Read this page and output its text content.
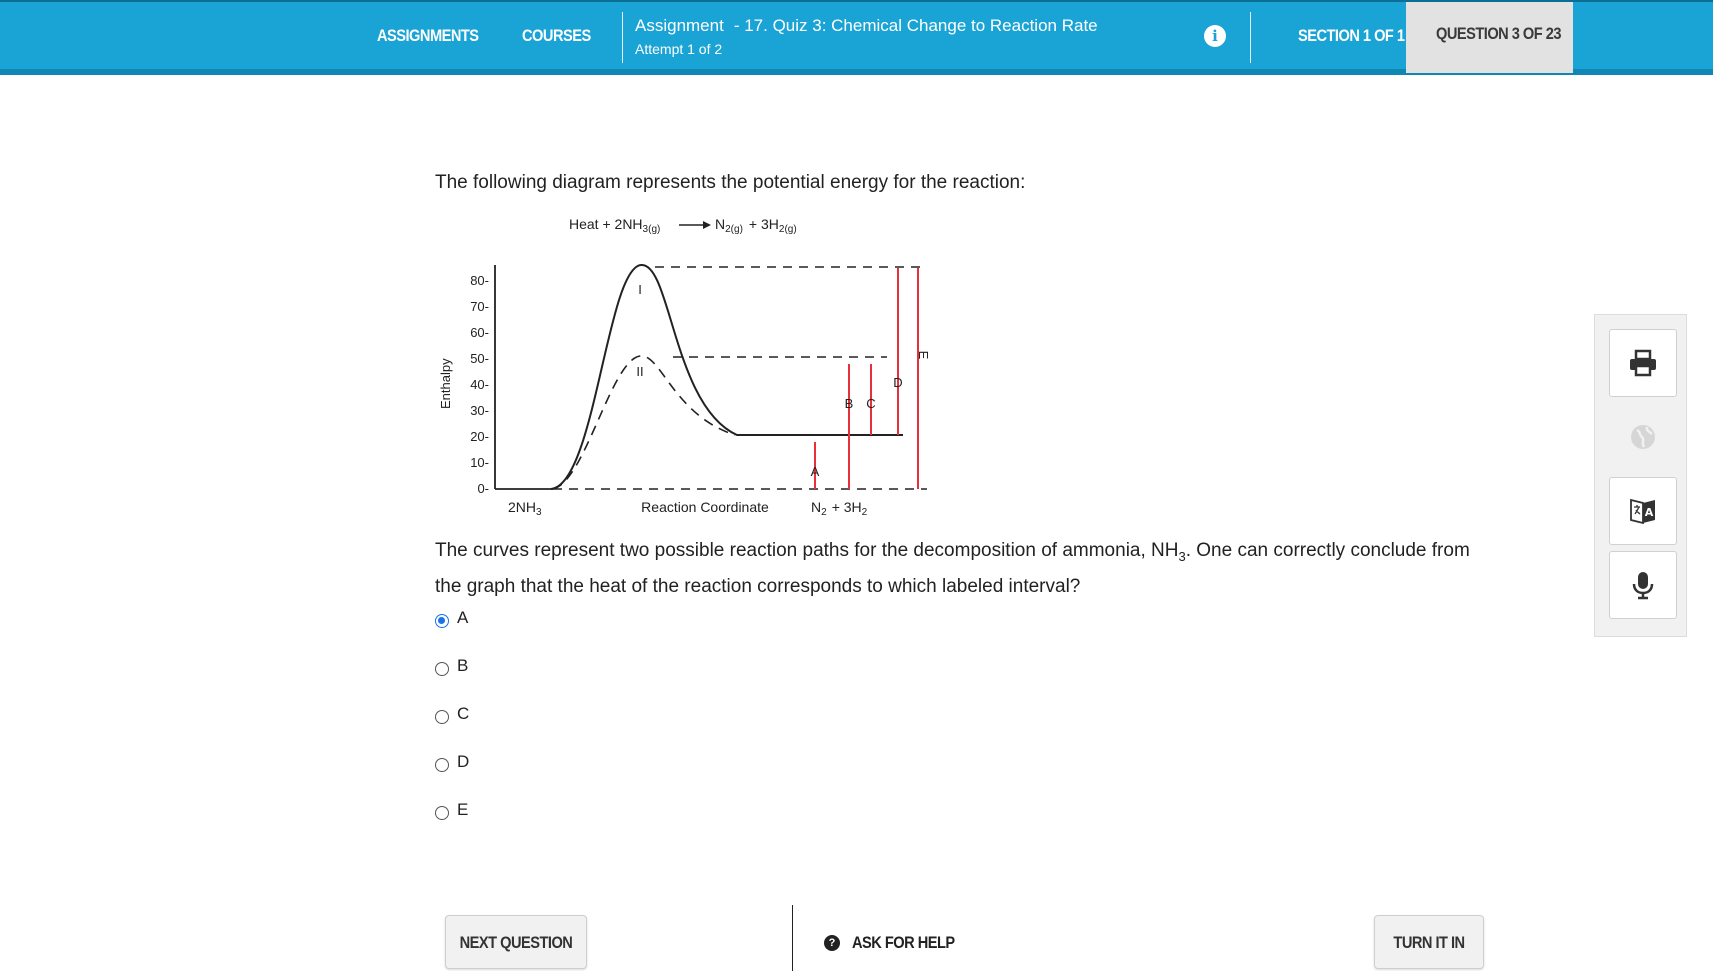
ASSIGNMENTS	COURSES
Assignment - 17. Quiz 3: Chemical Change to Reaction Rate
Attempt 1 of 2
i	SECTION 1 OF 1 QUESTION 3 OF 23
The following diagram represents the potential energy for the reaction:
Heat + $2NH_{3(g)}$	$N_{2(g)} + 3H_{2(g)}$
Enthalpy
80-
70-
60-
50-
40-
30-
20-
10-
0-
I
II
A
B C
D
E
$2NH_3$	Reaction Coordinate	$N_2 + 3H_2$
The curves represent two possible reaction paths for the decomposition of ammonia, $NH_3$. One can correctly conclude from the graph that the heat of the reaction corresponds to which labeled interval?
A
B
C
D
E
A
NEXT QUESTION	? ASK FOR HELP	TURN IT IN
